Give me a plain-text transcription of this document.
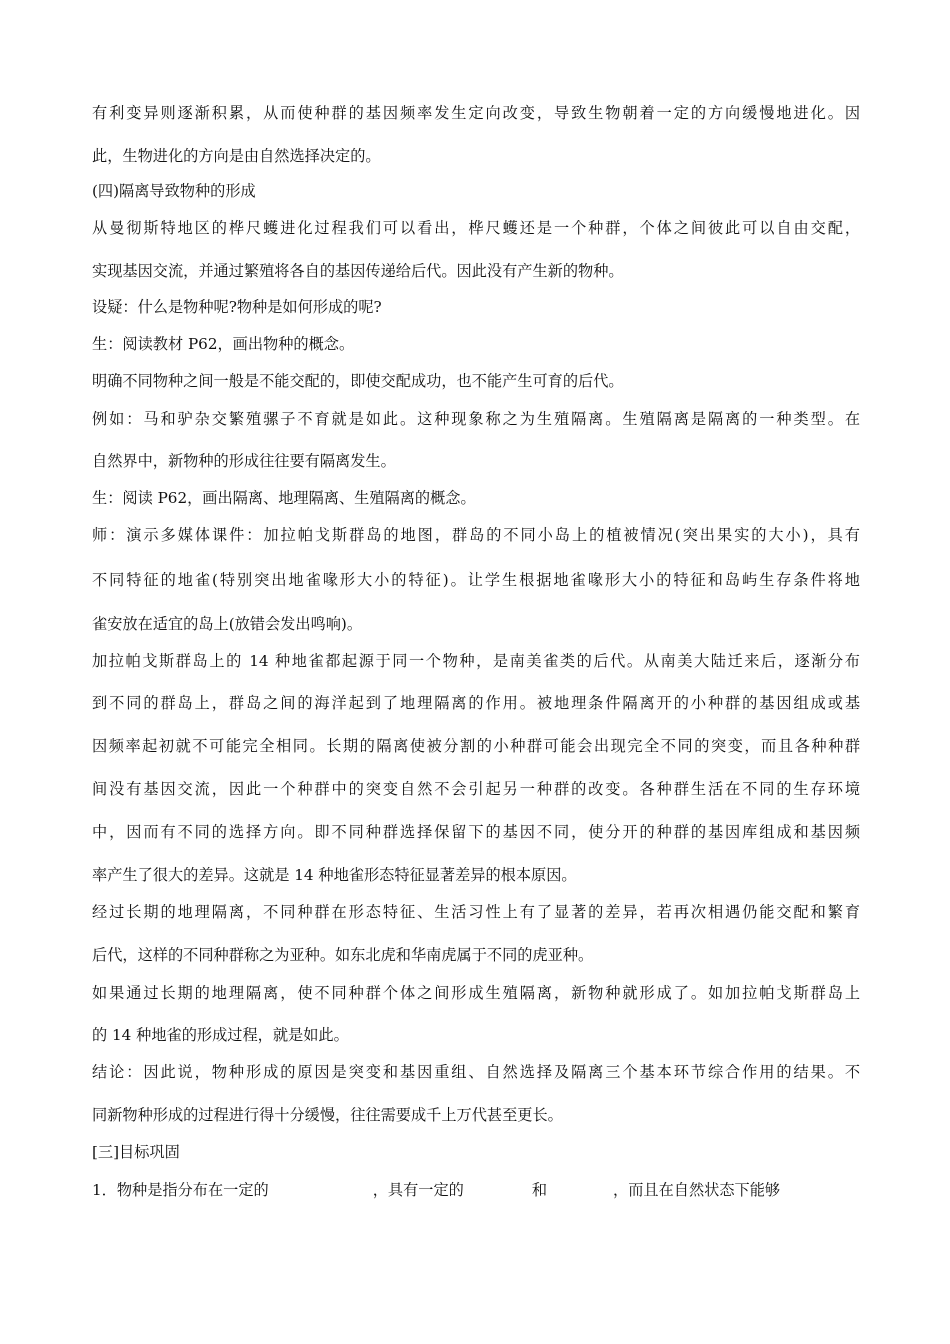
有利变异则逐渐积累，从而使种群的基因频率发生定向改变，导致生物朝着一定的方向缓慢地进化。因
此，生物进化的方向是由自然选择决定的。
(四)隔离导致物种的形成
从曼彻斯特地区的桦尺蠖进化过程我们可以看出，桦尺蠖还是一个种群，个体之间彼此可以自由交配，
实现基因交流，并通过繁殖将各自的基因传递给后代。因此没有产生新的物种。
设疑：什么是物种呢?物种是如何形成的呢?
生：阅读教材 P62，画出物种的概念。
明确不同物种之间一般是不能交配的，即使交配成功，也不能产生可育的后代。
例如：马和驴杂交繁殖骡子不育就是如此。这种现象称之为生殖隔离。生殖隔离是隔离的一种类型。在
自然界中，新物种的形成往往要有隔离发生。
生：阅读 P62，画出隔离、地理隔离、生殖隔离的概念。
师：演示多媒体课件：加拉帕戈斯群岛的地图，群岛的不同小岛上的植被情况(突出果实的大小)，具有
不同特征的地雀(特别突出地雀喙形大小的特征)。让学生根据地雀喙形大小的特征和岛屿生存条件将地
雀安放在适宜的岛上(放错会发出鸣响)。
加拉帕戈斯群岛上的 14 种地雀都起源于同一个物种，是南美雀类的后代。从南美大陆迁来后，逐渐分布
到不同的群岛上，群岛之间的海洋起到了地理隔离的作用。被地理条件隔离开的小种群的基因组成或基
因频率起初就不可能完全相同。长期的隔离使被分割的小种群可能会出现完全不同的突变，而且各种种群
间没有基因交流，因此一个种群中的突变自然不会引起另一种群的改变。各种群生活在不同的生存环境
中，因而有不同的选择方向。即不同种群选择保留下的基因不同，使分开的种群的基因库组成和基因频
率产生了很大的差异。这就是 14 种地雀形态特征显著差异的根本原因。
经过长期的地理隔离，不同种群在形态特征、生活习性上有了显著的差异，若再次相遇仍能交配和繁育
后代，这样的不同种群称之为亚种。如东北虎和华南虎属于不同的虎亚种。
如果通过长期的地理隔离，使不同种群个体之间形成生殖隔离，新物种就形成了。如加拉帕戈斯群岛上
的 14 种地雀的形成过程，就是如此。
结论：因此说，物种形成的原因是突变和基因重组、自然选择及隔离三个基本环节综合作用的结果。不
同新物种形成的过程进行得十分缓慢，往往需要成千上万代甚至更长。
[三]目标巩固
1．物种是指分布在一定的	，具有一定的	和	，而且在自然状态下能够
